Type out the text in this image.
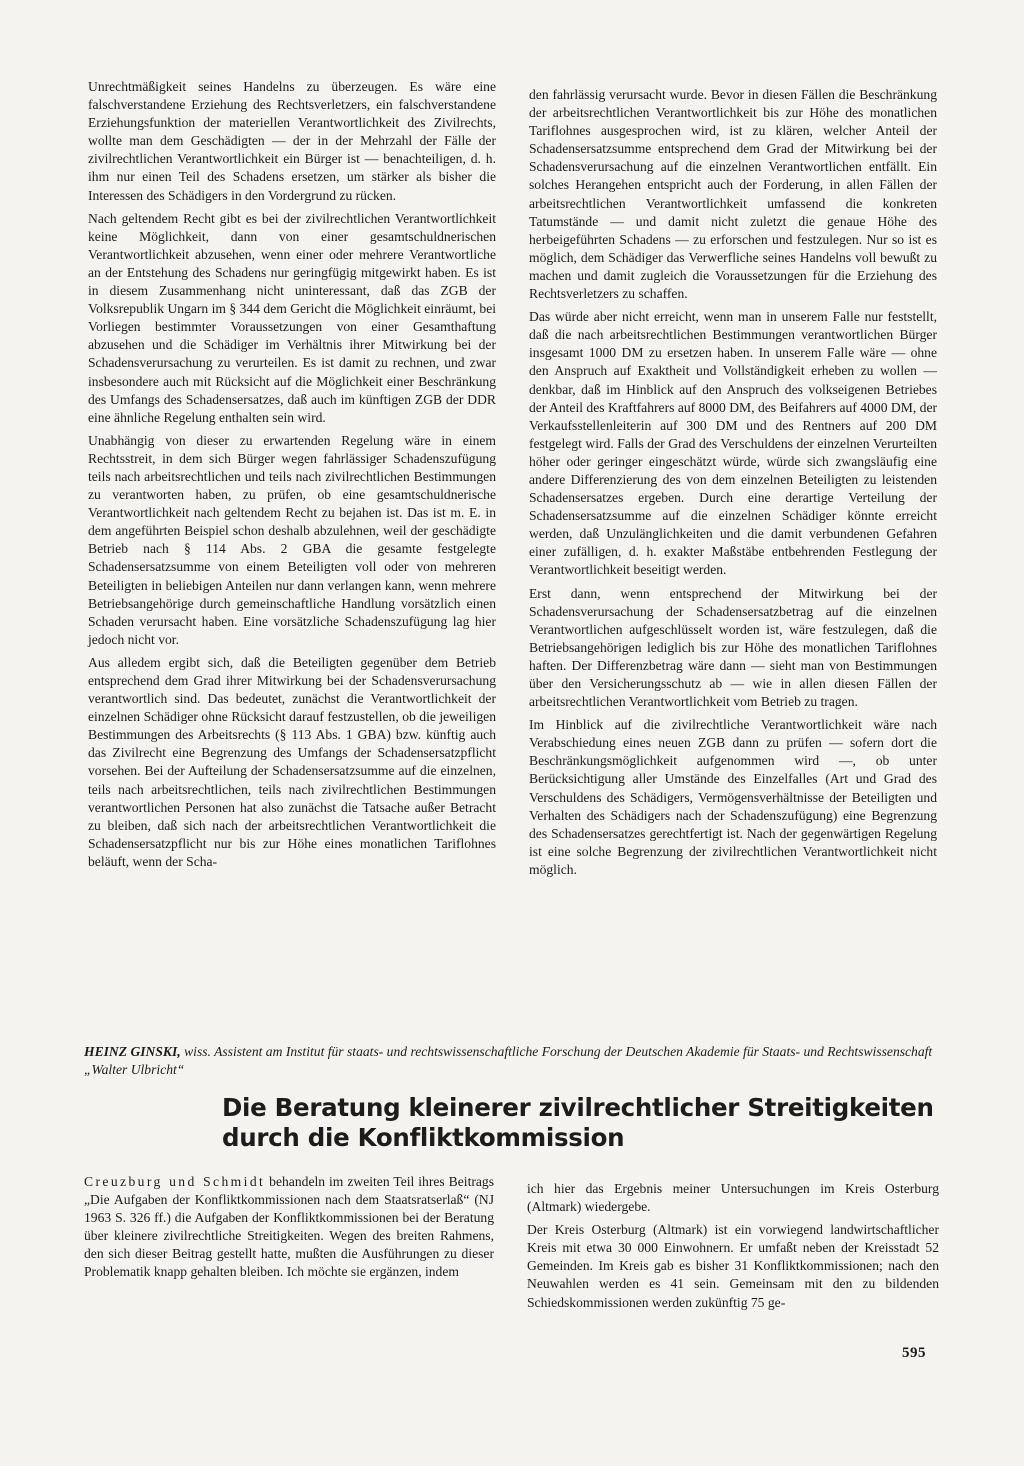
Unrechtmäßigkeit seines Handelns zu überzeugen. Es wäre eine falschverstandene Erziehung des Rechtsverletzers, ein falschverstandene Erziehungsfunktion der materiellen Verantwortlichkeit des Zivilrechts, wollte man dem Geschädigten — der in der Mehrzahl der Fälle der zivilrechtlichen Verantwortlichkeit ein Bürger ist — benachteiligen, d. h. ihm nur einen Teil des Schadens ersetzen, um stärker als bisher die Interessen des Schädigers in den Vordergrund zu rücken.

Nach geltendem Recht gibt es bei der zivilrechtlichen Verantwortlichkeit keine Möglichkeit, dann von einer gesamtschuldnerischen Verantwortlichkeit abzusehen, wenn einer oder mehrere Verantwortliche an der Entstehung des Schadens nur geringfügig mitgewirkt haben. Es ist in diesem Zusammenhang nicht uninteressant, daß das ZGB der Volksrepublik Ungarn im § 344 dem Gericht die Möglichkeit einräumt, bei Vorliegen bestimmter Voraussetzungen von einer Gesamthaftung abzusehen und die Schädiger im Verhältnis ihrer Mitwirkung bei der Schadensverursachung zu verurteilen. Es ist damit zu rechnen, und zwar insbesondere auch mit Rücksicht auf die Möglichkeit einer Beschränkung des Umfangs des Schadensersatzes, daß auch im künftigen ZGB der DDR eine ähnliche Regelung enthalten sein wird.

Unabhängig von dieser zu erwartenden Regelung wäre in einem Rechtsstreit, in dem sich Bürger wegen fahrlässiger Schadenszufügung teils nach arbeitsrechtlichen und teils nach zivilrechtlichen Bestimmungen zu verantworten haben, zu prüfen, ob eine gesamtschuldnerische Verantwortlichkeit nach geltendem Recht zu bejahen ist. Das ist m. E. in dem angeführten Beispiel schon deshalb abzulehnen, weil der geschädigte Betrieb nach § 114 Abs. 2 GBA die gesamte festgelegte Schadensersatzsumme von einem Beteiligten voll oder von mehreren Beteiligten in beliebigen Anteilen nur dann verlangen kann, wenn mehrere Betriebsangehörige durch gemeinschaftliche Handlung vorsätzlich einen Schaden verursacht haben. Eine vorsätzliche Schadenszufügung lag hier jedoch nicht vor.

Aus alledem ergibt sich, daß die Beteiligten gegenüber dem Betrieb entsprechend dem Grad ihrer Mitwirkung bei der Schadensverursachung verantwortlich sind. Das bedeutet, zunächst die Verantwortlichkeit der einzelnen Schädiger ohne Rücksicht darauf festzustellen, ob die jeweiligen Bestimmungen des Arbeitsrechts (§ 113 Abs. 1 GBA) bzw. künftig auch das Zivilrecht eine Begrenzung des Umfangs der Schadensersatzpflicht vorsehen. Bei der Aufteilung der Schadensersatzsumme auf die einzelnen, teils nach arbeitsrechtlichen, teils nach zivilrechtlichen Bestimmungen verantwortlichen Personen hat also zunächst die Tatsache außer Betracht zu bleiben, daß sich nach der arbeitsrechtlichen Verantwortlichkeit die Schadensersatzpflicht nur bis zur Höhe eines monatlichen Tariflohnes beläuft, wenn der Scha-

den fahrlässig verursacht wurde. Bevor in diesen Fällen die Beschränkung der arbeitsrechtlichen Verantwortlichkeit bis zur Höhe des monatlichen Tariflohnes ausgesprochen wird, ist zu klären, welcher Anteil der Schadensersatzsumme entsprechend dem Grad der Mitwirkung bei der Schadensverursachung auf die einzelnen Verantwortlichen entfällt. Ein solches Herangehen entspricht auch der Forderung, in allen Fällen der arbeitsrechtlichen Verantwortlichkeit umfassend die konkreten Tatumstände — und damit nicht zuletzt die genaue Höhe des herbeigeführten Schadens — zu erforschen und festzulegen. Nur so ist es möglich, dem Schädiger das Verwerfliche seines Handelns voll bewußt zu machen und damit zugleich die Voraussetzungen für die Erziehung des Rechtsverletzers zu schaffen.

Das würde aber nicht erreicht, wenn man in unserem Falle nur feststellt, daß die nach arbeitsrechtlichen Bestimmungen verantwortlichen Bürger insgesamt 1000 DM zu ersetzen haben. In unserem Falle wäre — ohne den Anspruch auf Exaktheit und Vollständigkeit erheben zu wollen — denkbar, daß im Hinblick auf den Anspruch des volkseigenen Betriebes der Anteil des Kraftfahrers auf 8000 DM, des Beifahrers auf 4000 DM, der Verkaufsstellenleiterin auf 300 DM und des Rentners auf 200 DM festgelegt wird. Falls der Grad des Verschuldens der einzelnen Verurteilten höher oder geringer eingeschätzt würde, würde sich zwangsläufig eine andere Differenzierung des von dem einzelnen Beteiligten zu leistenden Schadensersatzes ergeben. Durch eine derartige Verteilung der Schadensersatzsumme auf die einzelnen Schädiger könnte erreicht werden, daß Unzulänglichkeiten und die damit verbundenen Gefahren einer zufälligen, d. h. exakter Maßstäbe entbehrenden Festlegung der Verantwortlichkeit beseitigt werden.

Erst dann, wenn entsprechend der Mitwirkung bei der Schadensverursachung der Schadensersatzbetrag auf die einzelnen Verantwortlichen aufgeschlüsselt worden ist, wäre festzulegen, daß die Betriebsangehörigen lediglich bis zur Höhe des monatlichen Tariflohnes haften. Der Differenzbetrag wäre dann — sieht man von Bestimmungen über den Versicherungsschutz ab — wie in allen diesen Fällen der arbeitsrechtlichen Verantwortlichkeit vom Betrieb zu tragen.

Im Hinblick auf die zivilrechtliche Verantwortlichkeit wäre nach Verabschiedung eines neuen ZGB dann zu prüfen — sofern dort die Beschränkungsmöglichkeit aufgenommen wird —, ob unter Berücksichtigung aller Umstände des Einzelfalles (Art und Grad des Verschuldens des Schädigers, Vermögensverhältnisse der Beteiligten und Verhalten des Schädigers nach der Schadenszufügung) eine Begrenzung des Schadensersatzes gerechtfertigt ist. Nach der gegenwärtigen Regelung ist eine solche Begrenzung der zivilrechtlichen Verantwortlichkeit nicht möglich.

HEINZ GINSKI, wiss. Assistent am Institut für staats- und rechtswissenschaftliche Forschung der Deutschen Akademie für Staats- und Rechtswissenschaft „Walter Ulbricht“
Die Beratung kleinerer zivilrechtlicher Streitigkeiten durch die Konfliktkommission

Creuzburg und Schmidt behandeln im zweiten Teil ihres Beitrags „Die Aufgaben der Konfliktkommissionen nach dem Staatsratserlaß“ (NJ 1963 S. 326 ff.) die Aufgaben der Konfliktkommissionen bei der Beratung über kleinere zivilrechtliche Streitigkeiten. Wegen des breiten Rahmens, den sich dieser Beitrag gestellt hatte, mußten die Ausführungen zu dieser Problematik knapp gehalten bleiben. Ich möchte sie ergänzen, indem

ich hier das Ergebnis meiner Untersuchungen im Kreis Osterburg (Altmark) wiedergebe.

Der Kreis Osterburg (Altmark) ist ein vorwiegend landwirtschaftlicher Kreis mit etwa 30 000 Einwohnern. Er umfaßt neben der Kreisstadt 52 Gemeinden. Im Kreis gab es bisher 31 Konfliktkommissionen; nach den Neuwahlen werden es 41 sein. Gemeinsam mit den zu bildenden Schiedskommissionen werden zukünftig 75 ge-

595
